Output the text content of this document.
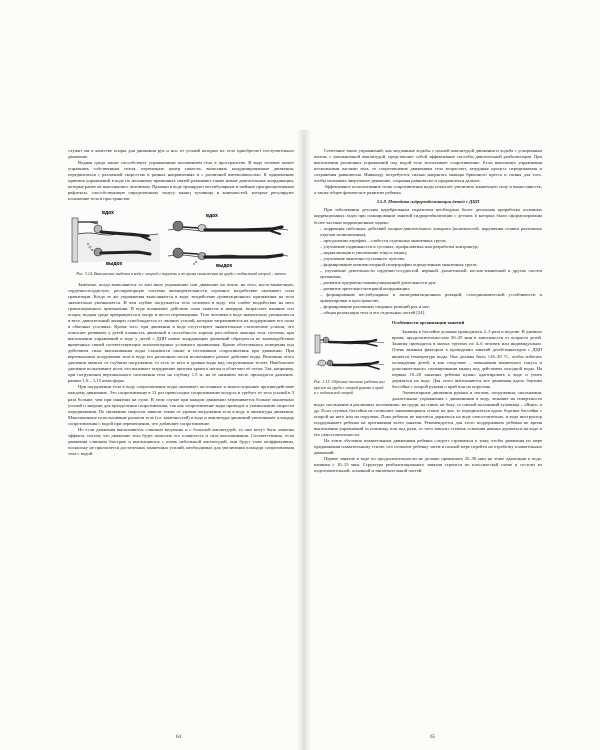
служит им в качестве опоры для движения рук и ног, от усилий которых их тело приобретает поступательное движение.

Водная среда также способствует упражнениям положением тела в пространстве. В воде человек может упражнять собственным телом, перемещать центр тяжести, выполнять координированные движения, передвигаться с различной скоростью в разных направлениях и с различной интенсивностью. К применению приемов упражнений в воде по механизму временных связей развивают также новые двигательные координации, которые ранее не выполнялись человеком. Прыжки в воде тренируют вестибулярные и шейные проприоцептивные рефлексы, способствующие определенному тонусу мышц туловища и конечностей, которые регулируют положение тела в пространстве.

вдох
выдох
вдох
выдох

Рис. 3.14. Выполнение выдохов в воду с опорой о поручень и во время скольжения на груди с подвижной опорой – мячом

Замечено, когда выполняется то или иное упражнение или движение на земле, на тело, косто-мышечную, сердечнососудистую, респираторную системы жизнедеятельности огромное воздействие оказывает сила гравитации. Когда те же упражнения выполняются в воде, воздействие гравитационного притяжения на тело значительно уменьшается. И чем глубже погружается тело человека в воду, тем слабее воздействие на него гравитационного притяжения. В воде возникают действие силы тяжести и инерции, возрастает влияние сил опоры, водная среда превращается в опору и место перемещения. Тело человека в воде значительно уменьшается в весе, двигательный аппарат освобождается от лишних усилий, которые затрачиваются на поддержание его позы в обычных условиях. Кроме того, при движении в воде отсутствуют значительные статические усилия, что помогает развивать у детей плавность движений и способность хорошо расслаблять мышцы тела, поэтому, при выполнении упражнений в воде у детей с ДЦП новые координации движений образуются во взаимодействии временных связей соответствующих психомоторных условного проявления. Кроме облегченного поведения под действием силы выталкивания воды становится также и источником сопротивления при движении. При вертикальном погружении тела в воду его различные части испытывают разное действие воды. Величина этого давления зависит от глубины погружения, то есть от веса и уровня воды над погруженным телом. Наибольшее давление испытывают ноги, что вызывает затруднение притока крови к ногам и облегчает её отток. Так, например, при погружении вертикального положения тела на глубину 1,5 м, на ее нижнюю часть приходится давление, равное 1,0 – 1,15 атмосферы.

При погружении тела в воду сопротивление воды оказывает постоянное и многостороннее противодействие каждому движению. Это сопротивление в 12 раз превосходит сопротивление воздуха и требует от тела усилий в 3 раза больше, чем при занятиях на суше. В этом случае при каждом движении затрачивается больше мышечных усилий и энергии для преодоления сопротивления, так как сопротивление воды приводит к уменьшению скорости передвижения. По снижению скорости зависит также от уровня погружения тела в воду и амплитуды движения. Максимальное использование рычагов тела (т.е. конечностей) в воде и амплитуды движений увеличивает площадь сопротивления с водой при перемещении, что добавляет сопротивление.

Но если движения выполняются слишком медленно и с большой амплитудой, то они могут быть лишены эффекта, потому что движение тела будет помогать его плавучесть и сила выталкивания. Соответственно, если движения слишком быстрые и выполняются с очень небольшой амплитудой, они будут тоже неэффективны, поскольку не прилагается достаточных мышечных усилий, необходимых для увеличения площади сопротивления тела с водой.

64

Сочетание таких упражнений, как медленные ходьбы с полной амплитудой движения и ходьба с ускоренным шагом, с уменьшенной амплитудой, представляет собой эффективные способы двигательной реабилитации. При выполнении различных упражнений под водой тело испытывает сопротивление. Если выполнять упражнения несколькими частями тела, то сопротивление движениям тела возрастает, затрудняя процесс передвижения и сохранения равновесия. Инвалиду потребуется сильно напрягать мышцы брюшного пресса и спины для того, чтобы оказывать энергичное движение, сохраняя равновесие и продвигаться дальше.

Эффективное использование силы сопротивления воды помогает увеличить мышечную силу и выносливость, а также общее физическое развитие ребенка.

3.5.8. Методика гидрореабилитации детей с ДЦП

При заболевании детским церебральным параличом необходима более детальная проработка основных коррекционных задач при планировании занятий гидрореабилитации с детьми, в которых были сформулированы более частные коррекционные задачи:

– коррекция побочных действий опорно-двигательного аппарата (конечностей, нарушения осанки различных отделов позвоночника);

– преодоление атрофии – слабости отдельных мышечных групп;

– улучшение подвижности в суставах, профилактика или разработка контрактур;

– нормализация и увеличение тонуса мышц;

– улучшение мышечно-суставного чувства;

– формирование компенсаторной гипертрофии определенных мышечных групп;

– улучшение деятельности сердечно-сосудистой, нервной, дыхательной, костно-мышечной и других систем организма;

– развитие предметно-манипуляционной деятельности рук;

– развитие зрительно-моторной координации;

– формирование вестибулярных и антигравитационных реакций, статодинамической устойчивости и ориентировки в пространстве;

– формирование различных опорных реакций рук и ног;

– общая релаксация тела и его отдельных частей [24].

Особенности организации занятий

Рис. 3.15. Обучение технике работы ног кролем на груди с опорой руками о край и с подвижной опорой

Занятия в бассейне должны проводиться 2–3 раза в неделю. В дневное время, продолжительностью 30–45 мин в зависимости от возраста детей. Занятия проводятся в малых группах по 4–6 человек или индивидуально. Очень важным фактором в проведении занятий детей-инвалидов с ДЦП является температура воды. Она должна быть +26–30 °С, чтобы избегать охлаждения детей, и как следствие – повышения мышечного тонуса и дополнительного спазмирования мышц под действием холодной воды. На первых 10–20 занятиях ребенка нужно адаптировать к воде и учить держаться на воде. Для этого выполняются все движения вдоль бортика бассейна с опорой руками о край или на поручень.

Элементарные движения руками и ногами, погружения, скольжения, дыхательные упражнения с движениями в воду, лежание на поверхности воды, скольжение в различных положениях: на груди, на спине, на боку, со сменой положений туловища – «Вниз» и др. Если ступень бассейна не позволяет занимающимся стоять на дне, то передвигаться вдоль бортика бассейна с опорой на него или на поручень. Пока ребенок не научится держаться на воде самостоятельно, в воде инструктор поддерживает ребенка на протяжении всего занятия. Рекомендуется для этого поддерживать ребенка во время выполнения упражнений за поясницу или под руки, от чего зависит степень освоения навыка держаться на воде и его самостоятельности.

На этапе обучения плавательным движениям ребенка следует стремиться к тому, чтобы движения по мере продвижения плавательному стилю, что позволит ребенку затем в полной мере перейти на отработку плавательных движений.

Первое занятие в воде по продолжительности не должно превышать 25–30 мин на этапе адаптации к воде, начиная с 10–15 мин. Структура реабилитационного занятия строится по классической схеме и состоит из подготовительной, основной и заключительной частей.

65
